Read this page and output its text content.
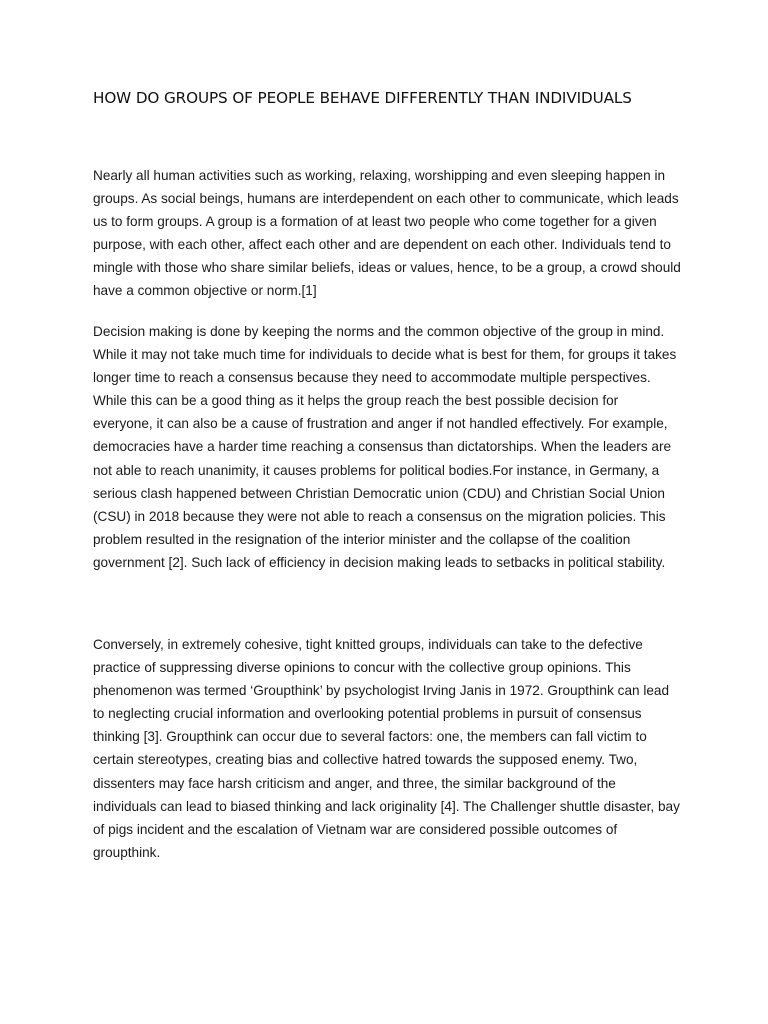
HOW DO GROUPS OF PEOPLE BEHAVE DIFFERENTLY THAN INDIVIDUALS

Nearly all human activities such as working, relaxing, worshipping and even sleeping happen in groups. As social beings, humans are interdependent on each other to communicate, which leads us to form groups. A group is a formation of at least two people who come together for a given purpose, with each other, affect each other and are dependent on each other. Individuals tend to mingle with those who share similar beliefs, ideas or values, hence, to be a group, a crowd should have a common objective or norm.[1]

Decision making is done by keeping the norms and the common objective of the group in mind. While it may not take much time for individuals to decide what is best for them, for groups it takes longer time to reach a consensus because they need to accommodate multiple perspectives. While this can be a good thing as it helps the group reach the best possible decision for everyone, it can also be a cause of frustration and anger if not handled effectively. For example, democracies have a harder time reaching a consensus than dictatorships. When the leaders are not able to reach unanimity, it causes problems for political bodies.For instance, in Germany, a serious clash happened between Christian Democratic union (CDU) and Christian Social Union (CSU) in 2018 because they were not able to reach a consensus on the migration policies. This problem resulted in the resignation of the interior minister and the collapse of the coalition government [2]. Such lack of efficiency in decision making leads to setbacks in political stability.

Conversely, in extremely cohesive, tight knitted groups, individuals can take to the defective practice of suppressing diverse opinions to concur with the collective group opinions. This phenomenon was termed ‘Groupthink’ by psychologist Irving Janis in 1972. Groupthink can lead to neglecting crucial information and overlooking potential problems in pursuit of consensus thinking [3]. Groupthink can occur due to several factors: one, the members can fall victim to certain stereotypes, creating bias and collective hatred towards the supposed enemy. Two, dissenters may face harsh criticism and anger, and three, the similar background of the individuals can lead to biased thinking and lack originality [4]. The Challenger shuttle disaster, bay of pigs incident and the escalation of Vietnam war are considered possible outcomes of groupthink.
